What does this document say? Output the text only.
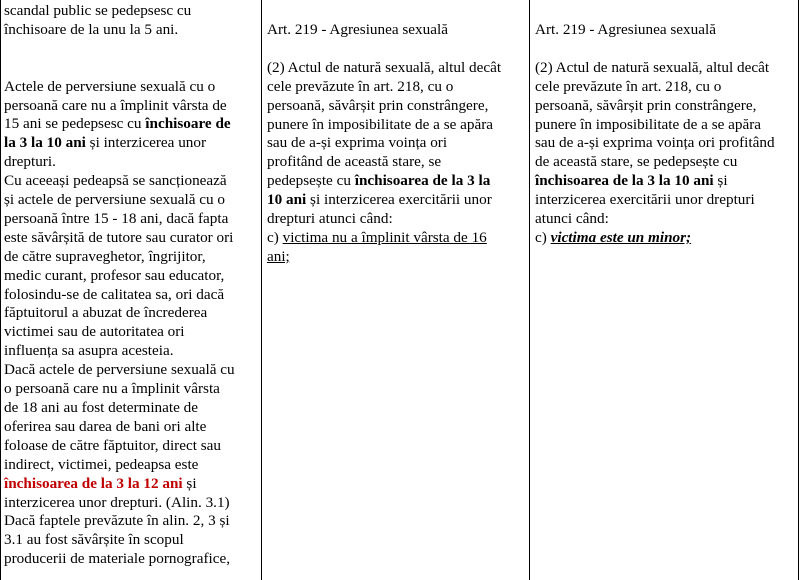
scandal public se pedepsesc cu
închisoare de la unu la 5 ani.
Actele de perversiune sexuală cu o
persoană care nu a împlinit vârsta de
15 ani se pedepsesc cu închisoare de
la 3 la 10 ani și interzicerea unor
drepturi.
Cu aceeași pedeapsă se sancționează
și actele de perversiune sexuală cu o
persoană între 15 - 18 ani, dacă fapta
este săvârșită de tutore sau curator ori
de către supraveghetor, îngrijitor,
medic curant, profesor sau educator,
folosindu-se de calitatea sa, ori dacă
făptuitorul a abuzat de încrederea
victimei sau de autoritatea ori
influența sa asupra acesteia.
Dacă actele de perversiune sexuală cu
o persoană care nu a împlinit vârsta
de 18 ani au fost determinate de
oferirea sau darea de bani ori alte
foloase de către făptuitor, direct sau
indirect, victimei, pedeapsa este
închisoarea de la 3 la 12 ani și
interzicerea unor drepturi. (Alin. 3.1)
Dacă faptele prevăzute în alin. 2, 3 și
3.1 au fost săvârșite în scopul
producerii de materiale pornografice,
Art. 219 - Agresiunea sexuală
(2) Actul de natură sexuală, altul decât
cele prevăzute în art. 218, cu o
persoană, săvârșit prin constrângere,
punere în imposibilitate de a se apăra
sau de a-și exprima voința ori
profitând de această stare, se
pedepsește cu închisoarea de la 3 la
10 ani și interzicerea exercitării unor
drepturi atunci când:
c) victima nu a împlinit vârsta de 16
ani;
Art. 219 - Agresiunea sexuală
(2) Actul de natură sexuală, altul decât
cele prevăzute în art. 218, cu o
persoană, săvârșit prin constrângere,
punere în imposibilitate de a se apăra
sau de a-și exprima voința ori profitând
de această stare, se pedepsește cu
închisoarea de la 3 la 10 ani și
interzicerea exercitării unor drepturi
atunci când:
c) victima este un minor;
